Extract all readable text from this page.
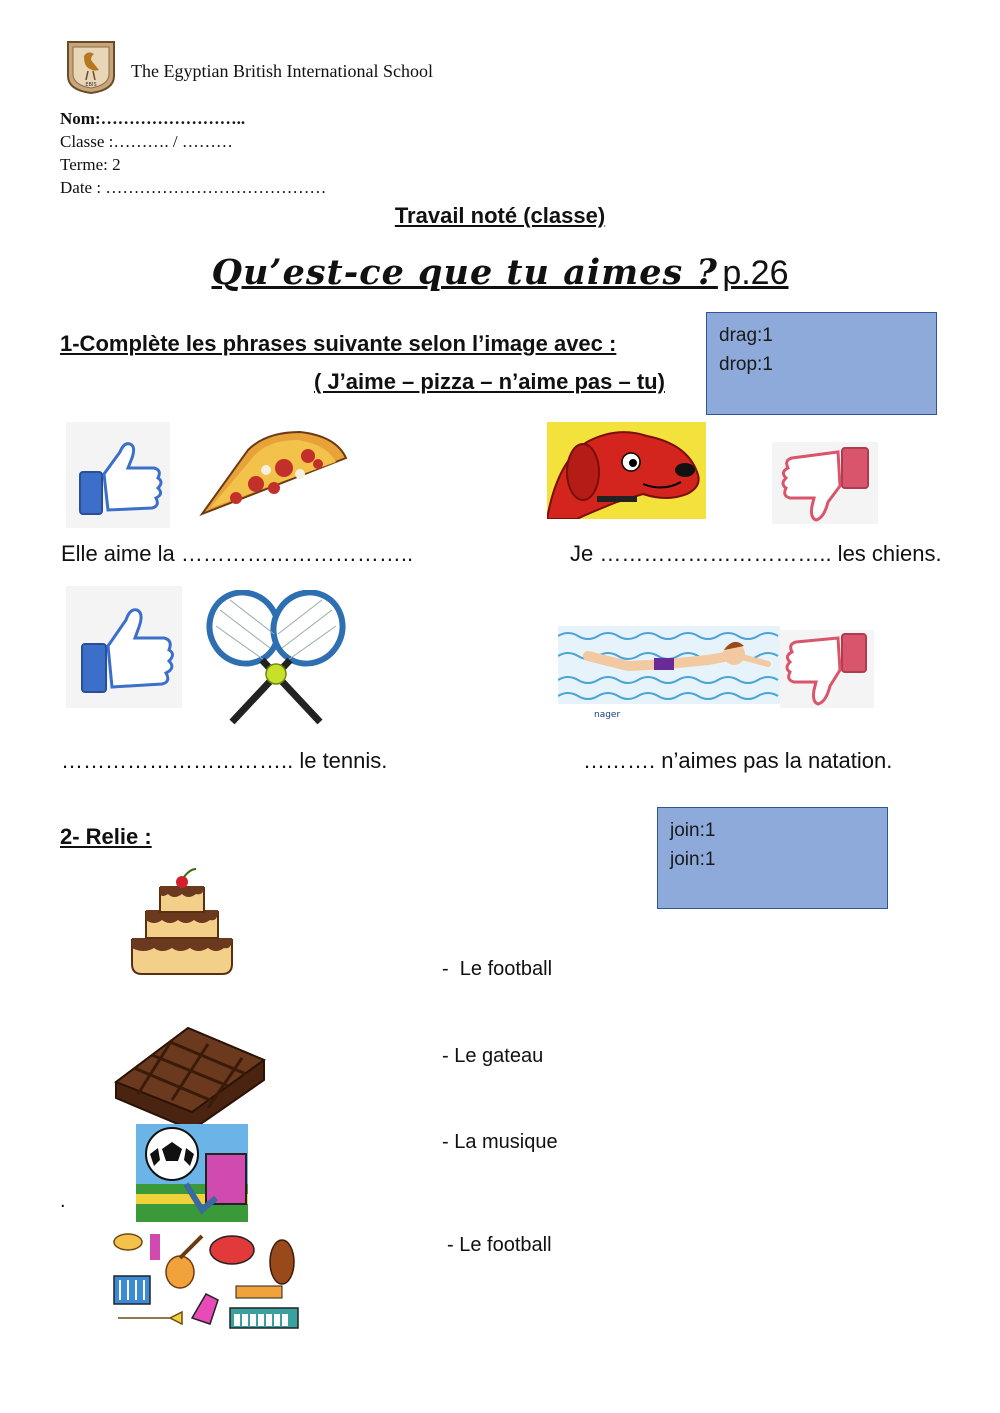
EBIS
The Egyptian British International School
Nom:……………………..
Classe :………. / ………
Terme: 2
Date : …………………………………
Travail noté (classe)
Qu’est-ce que tu aimes ? p.26
1-Complète les phrases suivante selon l’image avec :
( J’aime – pizza – n’aime pas – tu)
drag:1
drop:1
Elle aime la …………………………..	Je ………………………….. les chiens.
nager
………………………….. le tennis.	………. n’aimes pas la natation.
2- Relie :	join:1
join:1
.
-  Le football
- Le gateau
- La musique
- Le football
